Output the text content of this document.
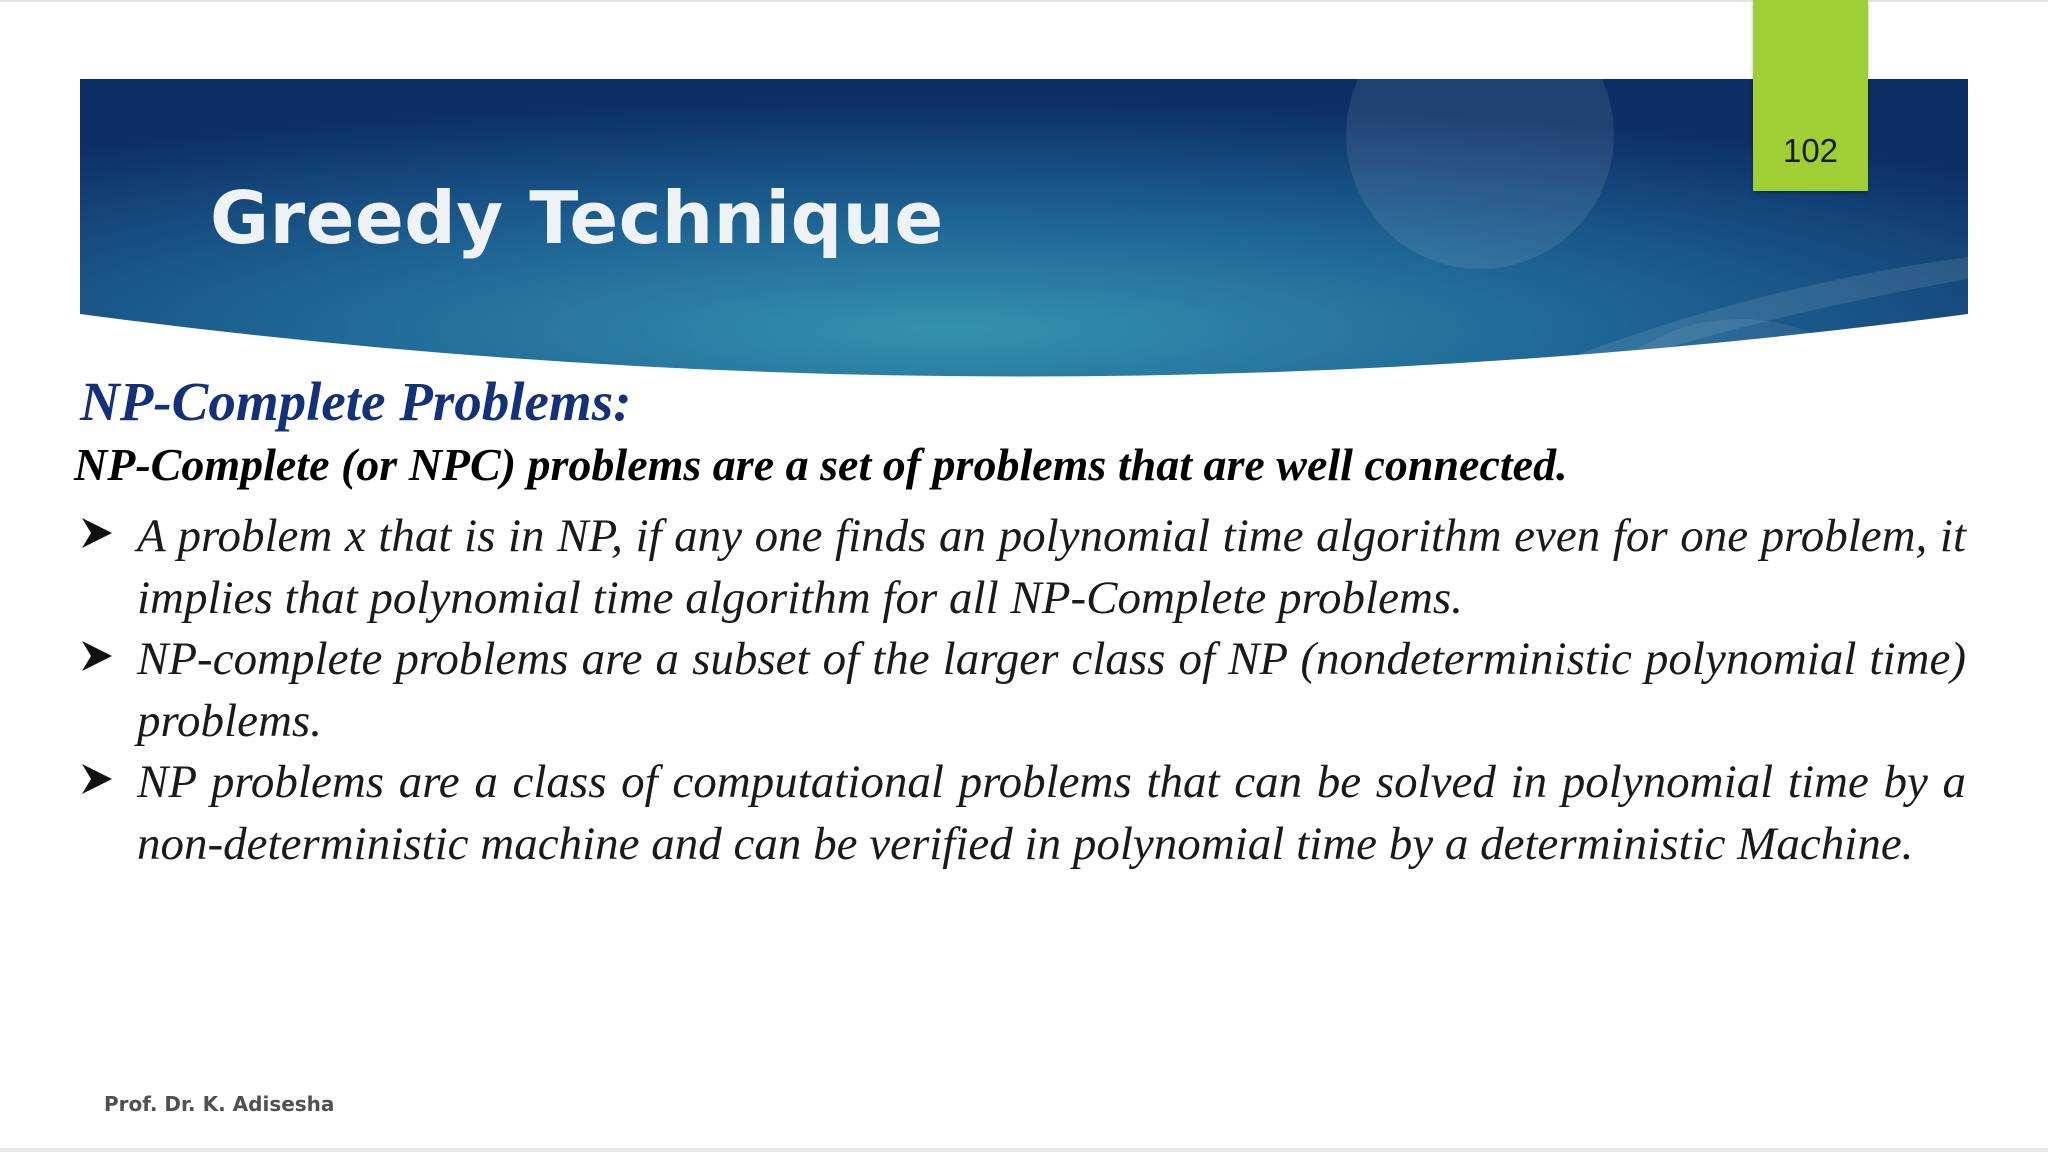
Greedy Technique
102
NP-Complete Problems:
NP-Complete (or NPC) problems are a set of problems that are well connected.
A problem x that is in NP, if any one finds an polynomial time algorithm even for one problem, it implies that polynomial time algorithm for all NP-Complete problems.
NP-complete problems are a subset of the larger class of NP (nondeterministic polynomial time) problems.
NP problems are a class of computational problems that can be solved in polynomial time by a non-deterministic machine and can be verified in polynomial time by a deterministic Machine.
Prof. Dr. K. Adisesha
